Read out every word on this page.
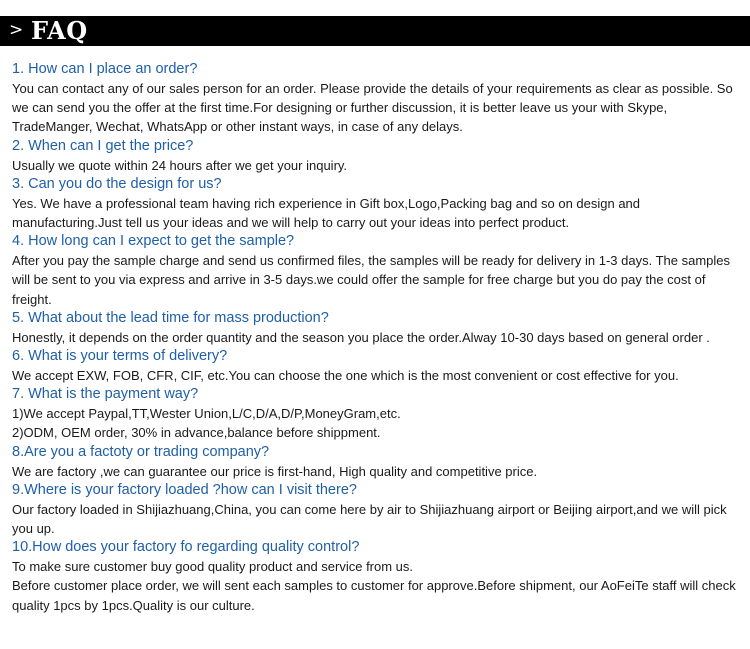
> FAQ
1. How can I place an order?
You can contact any of our sales person for an order. Please provide the details of your requirements as clear as possible. So we can send you the offer at the first time.For designing or further discussion, it is better leave us your with Skype, TradeManger, Wechat, WhatsApp or other instant ways, in case of any delays.
2. When can I get the price?
Usually we quote within 24 hours after we get your inquiry.
3. Can you do the design for us?
Yes. We have a professional team having rich experience in Gift box,Logo,Packing bag and so on design and manufacturing.Just tell us your ideas and we will help to carry out your ideas into perfect product.
4. How long can I expect to get the sample?
After you pay the sample charge and send us confirmed files, the samples will be ready for delivery in 1-3 days. The samples will be sent to you via express and arrive in 3-5 days.we could offer the sample for free charge but you do pay the cost of freight.
5. What about the lead time for mass production?
Honestly, it depends on the order quantity and the season you place the order.Alway 10-30 days based on general order .
6. What is your terms of delivery?
We accept EXW, FOB, CFR, CIF, etc.You can choose the one which is the most convenient or cost effective for you.
7. What is the payment way?
1)We accept Paypal,TT,Wester Union,L/C,D/A,D/P,MoneyGram,etc.
2)ODM, OEM order, 30% in advance,balance before shippment.
8.Are you a factoty or trading company?
We are factory ,we can guarantee our price is first-hand, High quality and competitive price.
9.Where is your factory loaded ?how can I visit there?
Our factory loaded in Shijiazhuang,China, you can come here by air to Shijiazhuang airport or Beijing airport,and we will pick you up.
10.How does your factory fo regarding quality control?
To make sure customer buy good quality product and service from us.
Before customer place order, we will sent each samples to customer for approve.Before shipment, our AoFeiTe staff will check quality 1pcs by 1pcs.Quality is our culture.
